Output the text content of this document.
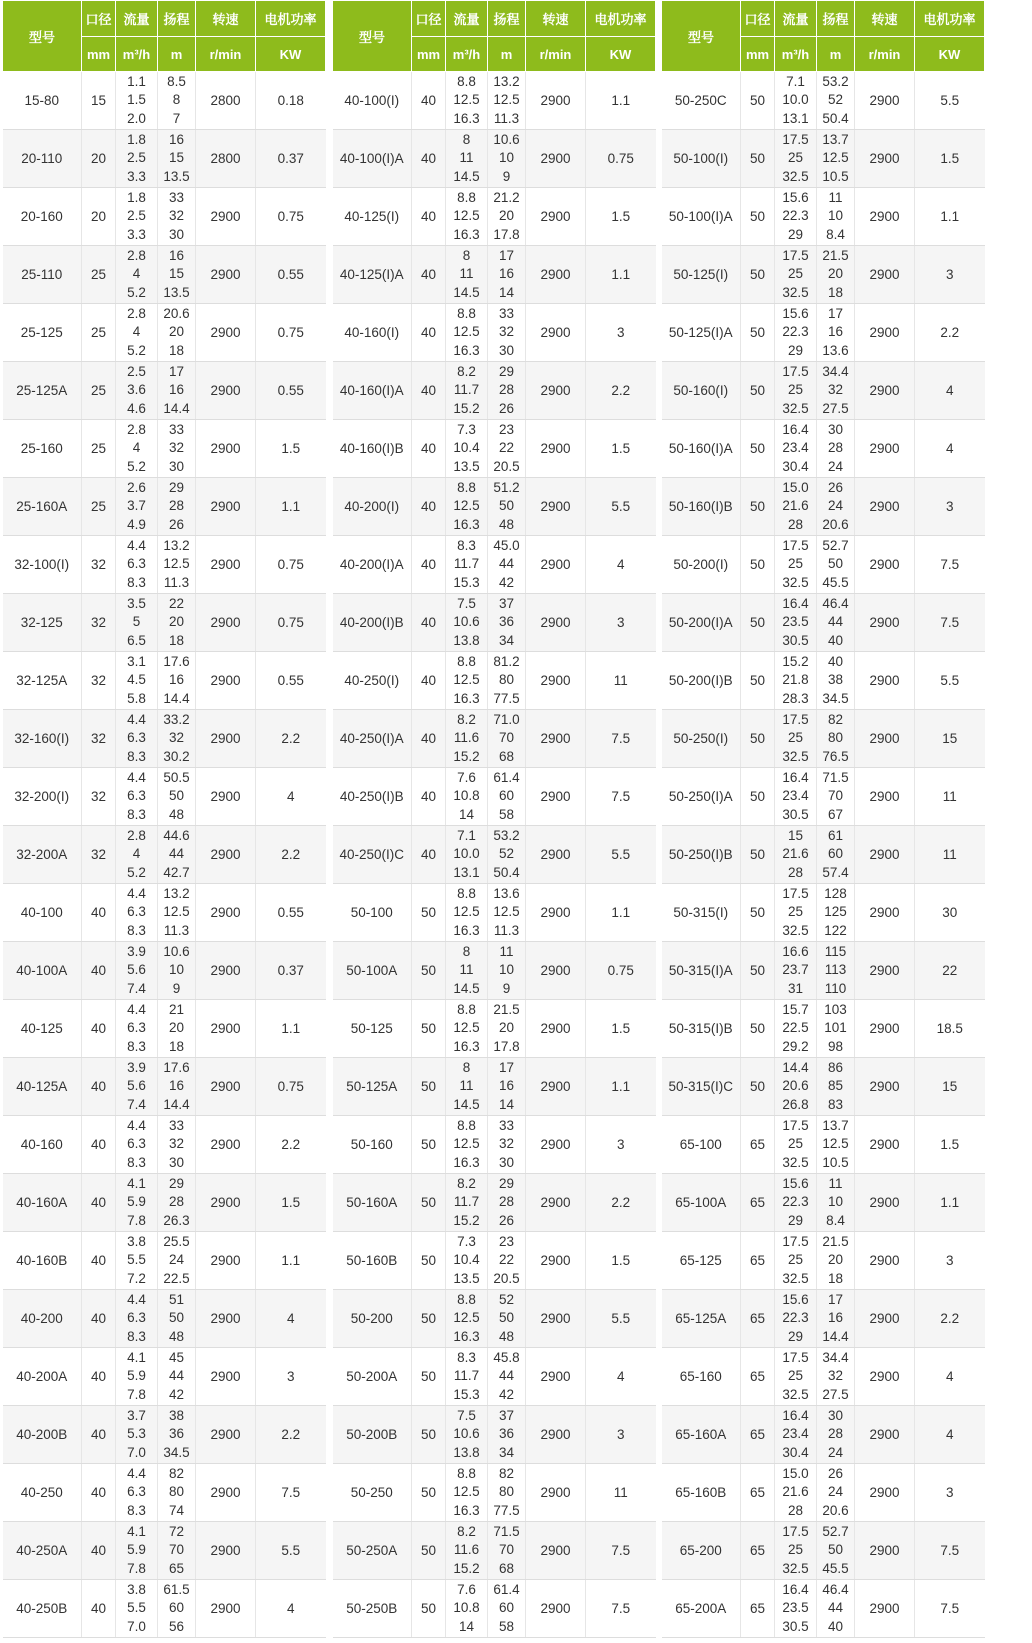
型号	口径	流量	扬程	转速	电机功率
	mm	m³/h	m	r/min	KW
15-80	15	1.1
1.5
2.0	8.5
8
7	2800	0.18
20-110	20	1.8
2.5
3.3	16
15
13.5	2800	0.37
20-160	20	1.8
2.5
3.3	33
32
30	2900	0.75
25-110	25	2.8
4
5.2	16
15
13.5	2900	0.55
25-125	25	2.8
4
5.2	20.6
20
18	2900	0.75
25-125A	25	2.5
3.6
4.6	17
16
14.4	2900	0.55
25-160	25	2.8
4
5.2	33
32
30	2900	1.5
25-160A	25	2.6
3.7
4.9	29
28
26	2900	1.1
32-100(I)	32	4.4
6.3
8.3	13.2
12.5
11.3	2900	0.75
32-125	32	3.5
5
6.5	22
20
18	2900	0.75
32-125A	32	3.1
4.5
5.8	17.6
16
14.4	2900	0.55
32-160(I)	32	4.4
6.3
8.3	33.2
32
30.2	2900	2.2
32-200(I)	32	4.4
6.3
8.3	50.5
50
48	2900	4
32-200A	32	2.8
4
5.2	44.6
44
42.7	2900	2.2
40-100	40	4.4
6.3
8.3	13.2
12.5
11.3	2900	0.55
40-100A	40	3.9
5.6
7.4	10.6
10
9	2900	0.37
40-125	40	4.4
6.3
8.3	21
20
18	2900	1.1
40-125A	40	3.9
5.6
7.4	17.6
16
14.4	2900	0.75
40-160	40	4.4
6.3
8.3	33
32
30	2900	2.2
40-160A	40	4.1
5.9
7.8	29
28
26.3	2900	1.5
40-160B	40	3.8
5.5
7.2	25.5
24
22.5	2900	1.1
40-200	40	4.4
6.3
8.3	51
50
48	2900	4
40-200A	40	4.1
5.9
7.8	45
44
42	2900	3
40-200B	40	3.7
5.3
7.0	38
36
34.5	2900	2.2
40-250	40	4.4
6.3
8.3	82
80
74	2900	7.5
40-250A	40	4.1
5.9
7.8	72
70
65	2900	5.5
40-250B	40	3.8
5.5
7.0	61.5
60
56	2900	4
型号	口径	流量	扬程	转速	电机功率
	mm	m³/h	m	r/min	KW
40-100(I)	40	8.8
12.5
16.3	13.2
12.5
11.3	2900	1.1
40-100(I)A	40	8
11
14.5	10.6
10
9	2900	0.75
40-125(I)	40	8.8
12.5
16.3	21.2
20
17.8	2900	1.5
40-125(I)A	40	8
11
14.5	17
16
14	2900	1.1
40-160(I)	40	8.8
12.5
16.3	33
32
30	2900	3
40-160(I)A	40	8.2
11.7
15.2	29
28
26	2900	2.2
40-160(I)B	40	7.3
10.4
13.5	23
22
20.5	2900	1.5
40-200(I)	40	8.8
12.5
16.3	51.2
50
48	2900	5.5
40-200(I)A	40	8.3
11.7
15.3	45.0
44
42	2900	4
40-200(I)B	40	7.5
10.6
13.8	37
36
34	2900	3
40-250(I)	40	8.8
12.5
16.3	81.2
80
77.5	2900	11
40-250(I)A	40	8.2
11.6
15.2	71.0
70
68	2900	7.5
40-250(I)B	40	7.6
10.8
14	61.4
60
58	2900	7.5
40-250(I)C	40	7.1
10.0
13.1	53.2
52
50.4	2900	5.5
50-100	50	8.8
12.5
16.3	13.6
12.5
11.3	2900	1.1
50-100A	50	8
11
14.5	11
10
9	2900	0.75
50-125	50	8.8
12.5
16.3	21.5
20
17.8	2900	1.5
50-125A	50	8
11
14.5	17
16
14	2900	1.1
50-160	50	8.8
12.5
16.3	33
32
30	2900	3
50-160A	50	8.2
11.7
15.2	29
28
26	2900	2.2
50-160B	50	7.3
10.4
13.5	23
22
20.5	2900	1.5
50-200	50	8.8
12.5
16.3	52
50
48	2900	5.5
50-200A	50	8.3
11.7
15.3	45.8
44
42	2900	4
50-200B	50	7.5
10.6
13.8	37
36
34	2900	3
50-250	50	8.8
12.5
16.3	82
80
77.5	2900	11
50-250A	50	8.2
11.6
15.2	71.5
70
68	2900	7.5
50-250B	50	7.6
10.8
14	61.4
60
58	2900	7.5
型号	口径	流量	扬程	转速	电机功率
	mm	m³/h	m	r/min	KW
50-250C	50	7.1
10.0
13.1	53.2
52
50.4	2900	5.5
50-100(I)	50	17.5
25
32.5	13.7
12.5
10.5	2900	1.5
50-100(I)A	50	15.6
22.3
29	11
10
8.4	2900	1.1
50-125(I)	50	17.5
25
32.5	21.5
20
18	2900	3
50-125(I)A	50	15.6
22.3
29	17
16
13.6	2900	2.2
50-160(I)	50	17.5
25
32.5	34.4
32
27.5	2900	4
50-160(I)A	50	16.4
23.4
30.4	30
28
24	2900	4
50-160(I)B	50	15.0
21.6
28	26
24
20.6	2900	3
50-200(I)	50	17.5
25
32.5	52.7
50
45.5	2900	7.5
50-200(I)A	50	16.4
23.5
30.5	46.4
44
40	2900	7.5
50-200(I)B	50	15.2
21.8
28.3	40
38
34.5	2900	5.5
50-250(I)	50	17.5
25
32.5	82
80
76.5	2900	15
50-250(I)A	50	16.4
23.4
30.5	71.5
70
67	2900	11
50-250(I)B	50	15
21.6
28	61
60
57.4	2900	11
50-315(I)	50	17.5
25
32.5	128
125
122	2900	30
50-315(I)A	50	16.6
23.7
31	115
113
110	2900	22
50-315(I)B	50	15.7
22.5
29.2	103
101
98	2900	18.5
50-315(I)C	50	14.4
20.6
26.8	86
85
83	2900	15
65-100	65	17.5
25
32.5	13.7
12.5
10.5	2900	1.5
65-100A	65	15.6
22.3
29	11
10
8.4	2900	1.1
65-125	65	17.5
25
32.5	21.5
20
18	2900	3
65-125A	65	15.6
22.3
29	17
16
14.4	2900	2.2
65-160	65	17.5
25
32.5	34.4
32
27.5	2900	4
65-160A	65	16.4
23.4
30.4	30
28
24	2900	4
65-160B	65	15.0
21.6
28	26
24
20.6	2900	3
65-200	65	17.5
25
32.5	52.7
50
45.5	2900	7.5
65-200A	65	16.4
23.5
30.5	46.4
44
40	2900	7.5
